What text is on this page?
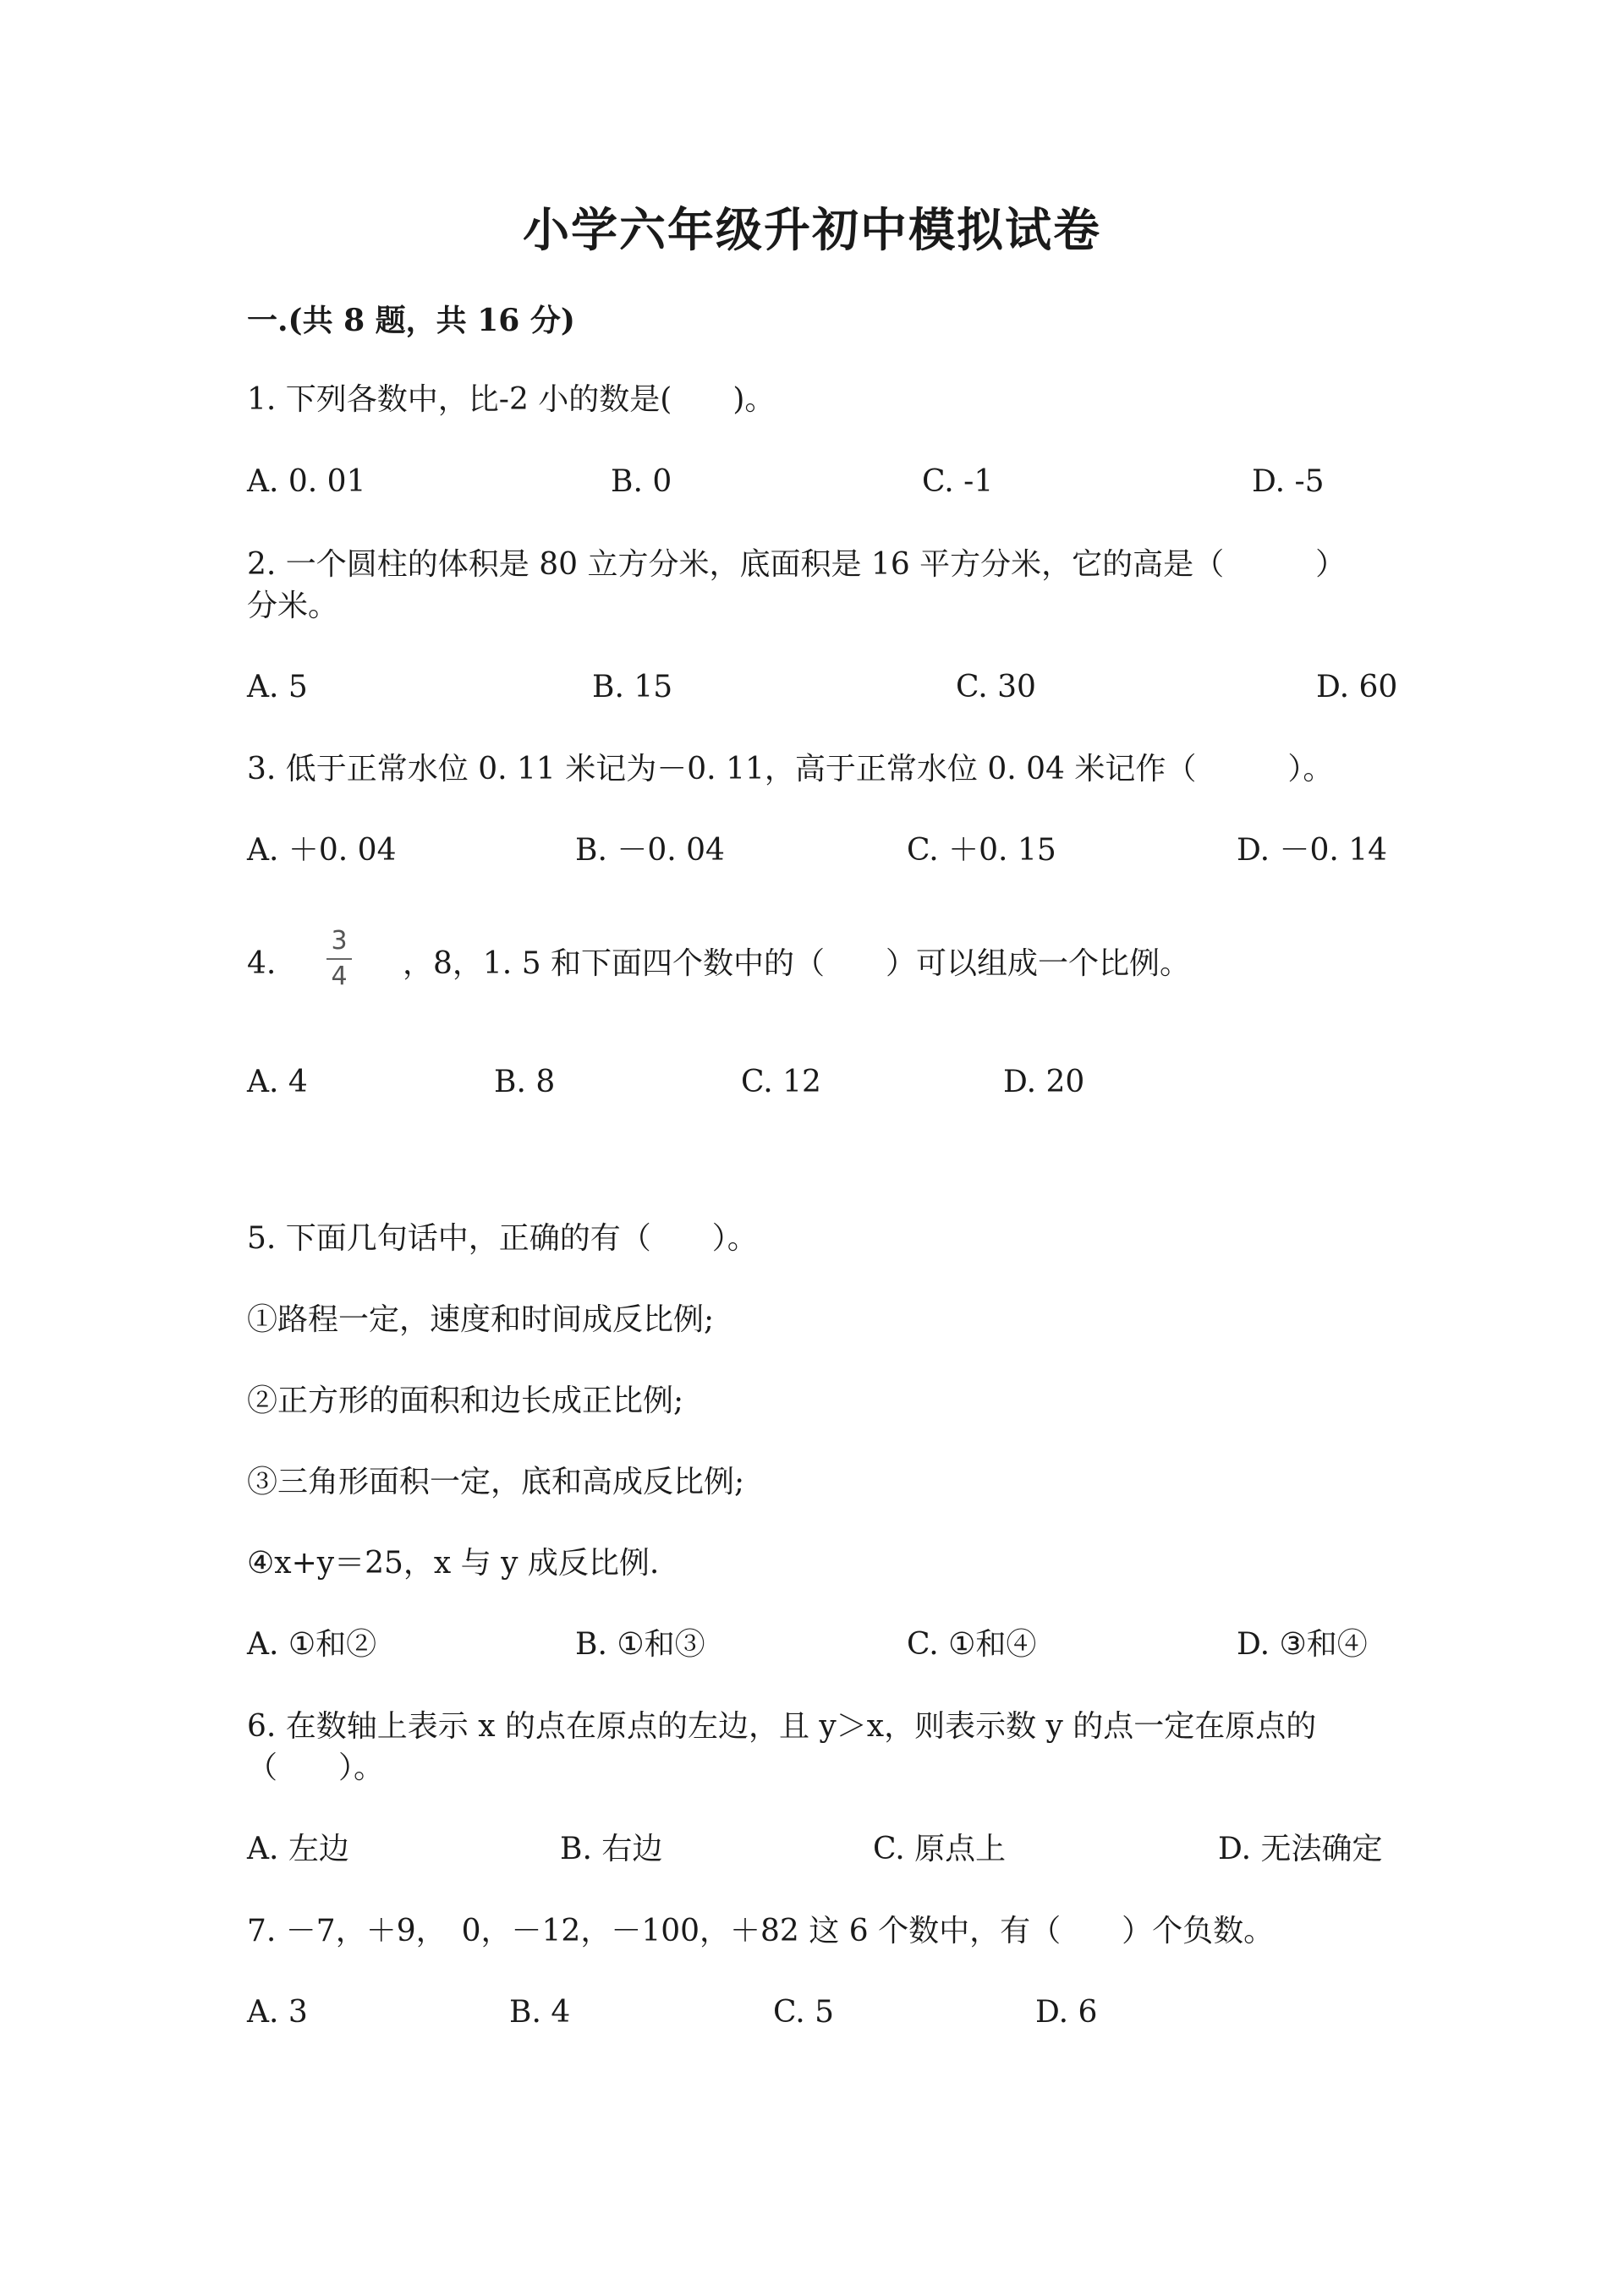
小学六年级升初中模拟试卷
一.(共 8 题，共 16 分)
1. 下列各数中，比-2 小的数是(　　)。
A. 0. 01	B. 0	C. -1	D. -5
2. 一个圆柱的体积是 80 立方分米，底面积是 16 平方分米，它的高是（　　　）
分米。
A. 5	B. 15	C. 30	D. 60
3. 低于正常水位 0. 11 米记为－0. 11，高于正常水位 0. 04 米记作（　　　）。
A. ＋0. 04	B. －0. 04	C. ＋0. 15	D. －0. 14
4.
3
4 ，8，1. 5 和下面四个数中的（　　）可以组成一个比例。
A. 4	B. 8	C. 12	D. 20
5. 下面几句话中，正确的有（　　）。
①路程一定，速度和时间成反比例;
②正方形的面积和边长成正比例;
③三角形面积一定，底和高成反比例;
④x+y＝25，x 与 y 成反比例.
A. ①和②	B. ①和③	C. ①和④	D. ③和④
6. 在数轴上表示 x 的点在原点的左边，且 y＞x，则表示数 y 的点一定在原点的
（　　）。
A. 左边	B. 右边	C. 原点上	D. 无法确定
7. －7，＋9，　0，－12，－100，＋82 这 6 个数中，有（　　）个负数。
A. 3	B. 4	C. 5	D. 6
